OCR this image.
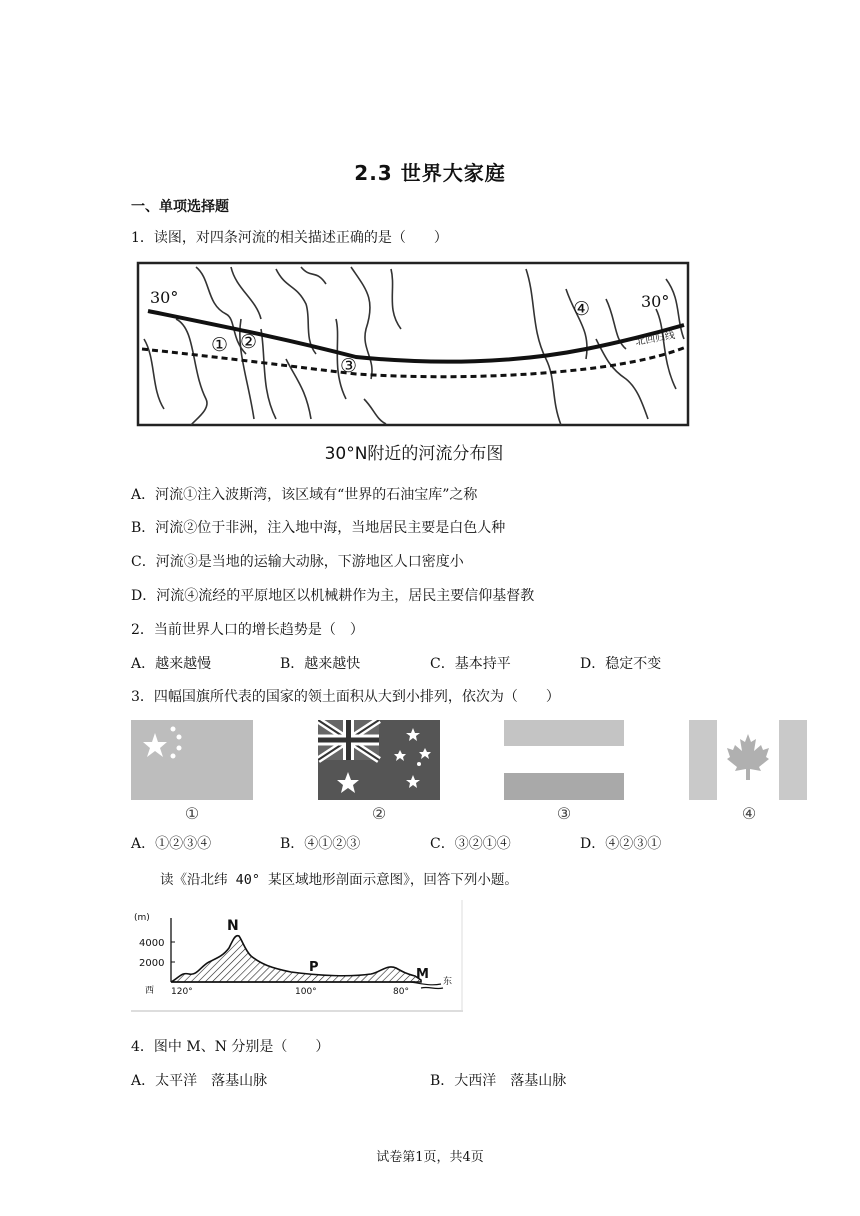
2.3 世界大家庭
一、单项选择题
1．读图，对四条河流的相关描述正确的是（　　）
30°	30°
北回归线
① ②
③
④
30°N附近的河流分布图
A．河流①注入波斯湾，该区域有“世界的石油宝库”之称
B．河流②位于非洲，注入地中海，当地居民主要是白色人种
C．河流③是当地的运输大动脉，下游地区人口密度小
D．河流④流经的平原地区以机械耕作为主，居民主要信仰基督教
2．当前世界人口的增长趋势是（　）
A．越来越慢	B．越来越快	C．基本持平	D．稳定不变
3．四幅国旗所代表的国家的领土面积从大到小排列，依次为（　　）
①	②	③	④
A．①②③④	B．④①②③	C．③②①④	D．④②③①
读《沿北纬 40° 某区域地形剖面示意图》，回答下列小题。
(m)
4000
2000
N
P	M
西 120°	100°	80°
东
4．图中 M、N 分别是（　　）
A．太平洋　落基山脉	B．大西洋　落基山脉
试卷第1页，共4页
